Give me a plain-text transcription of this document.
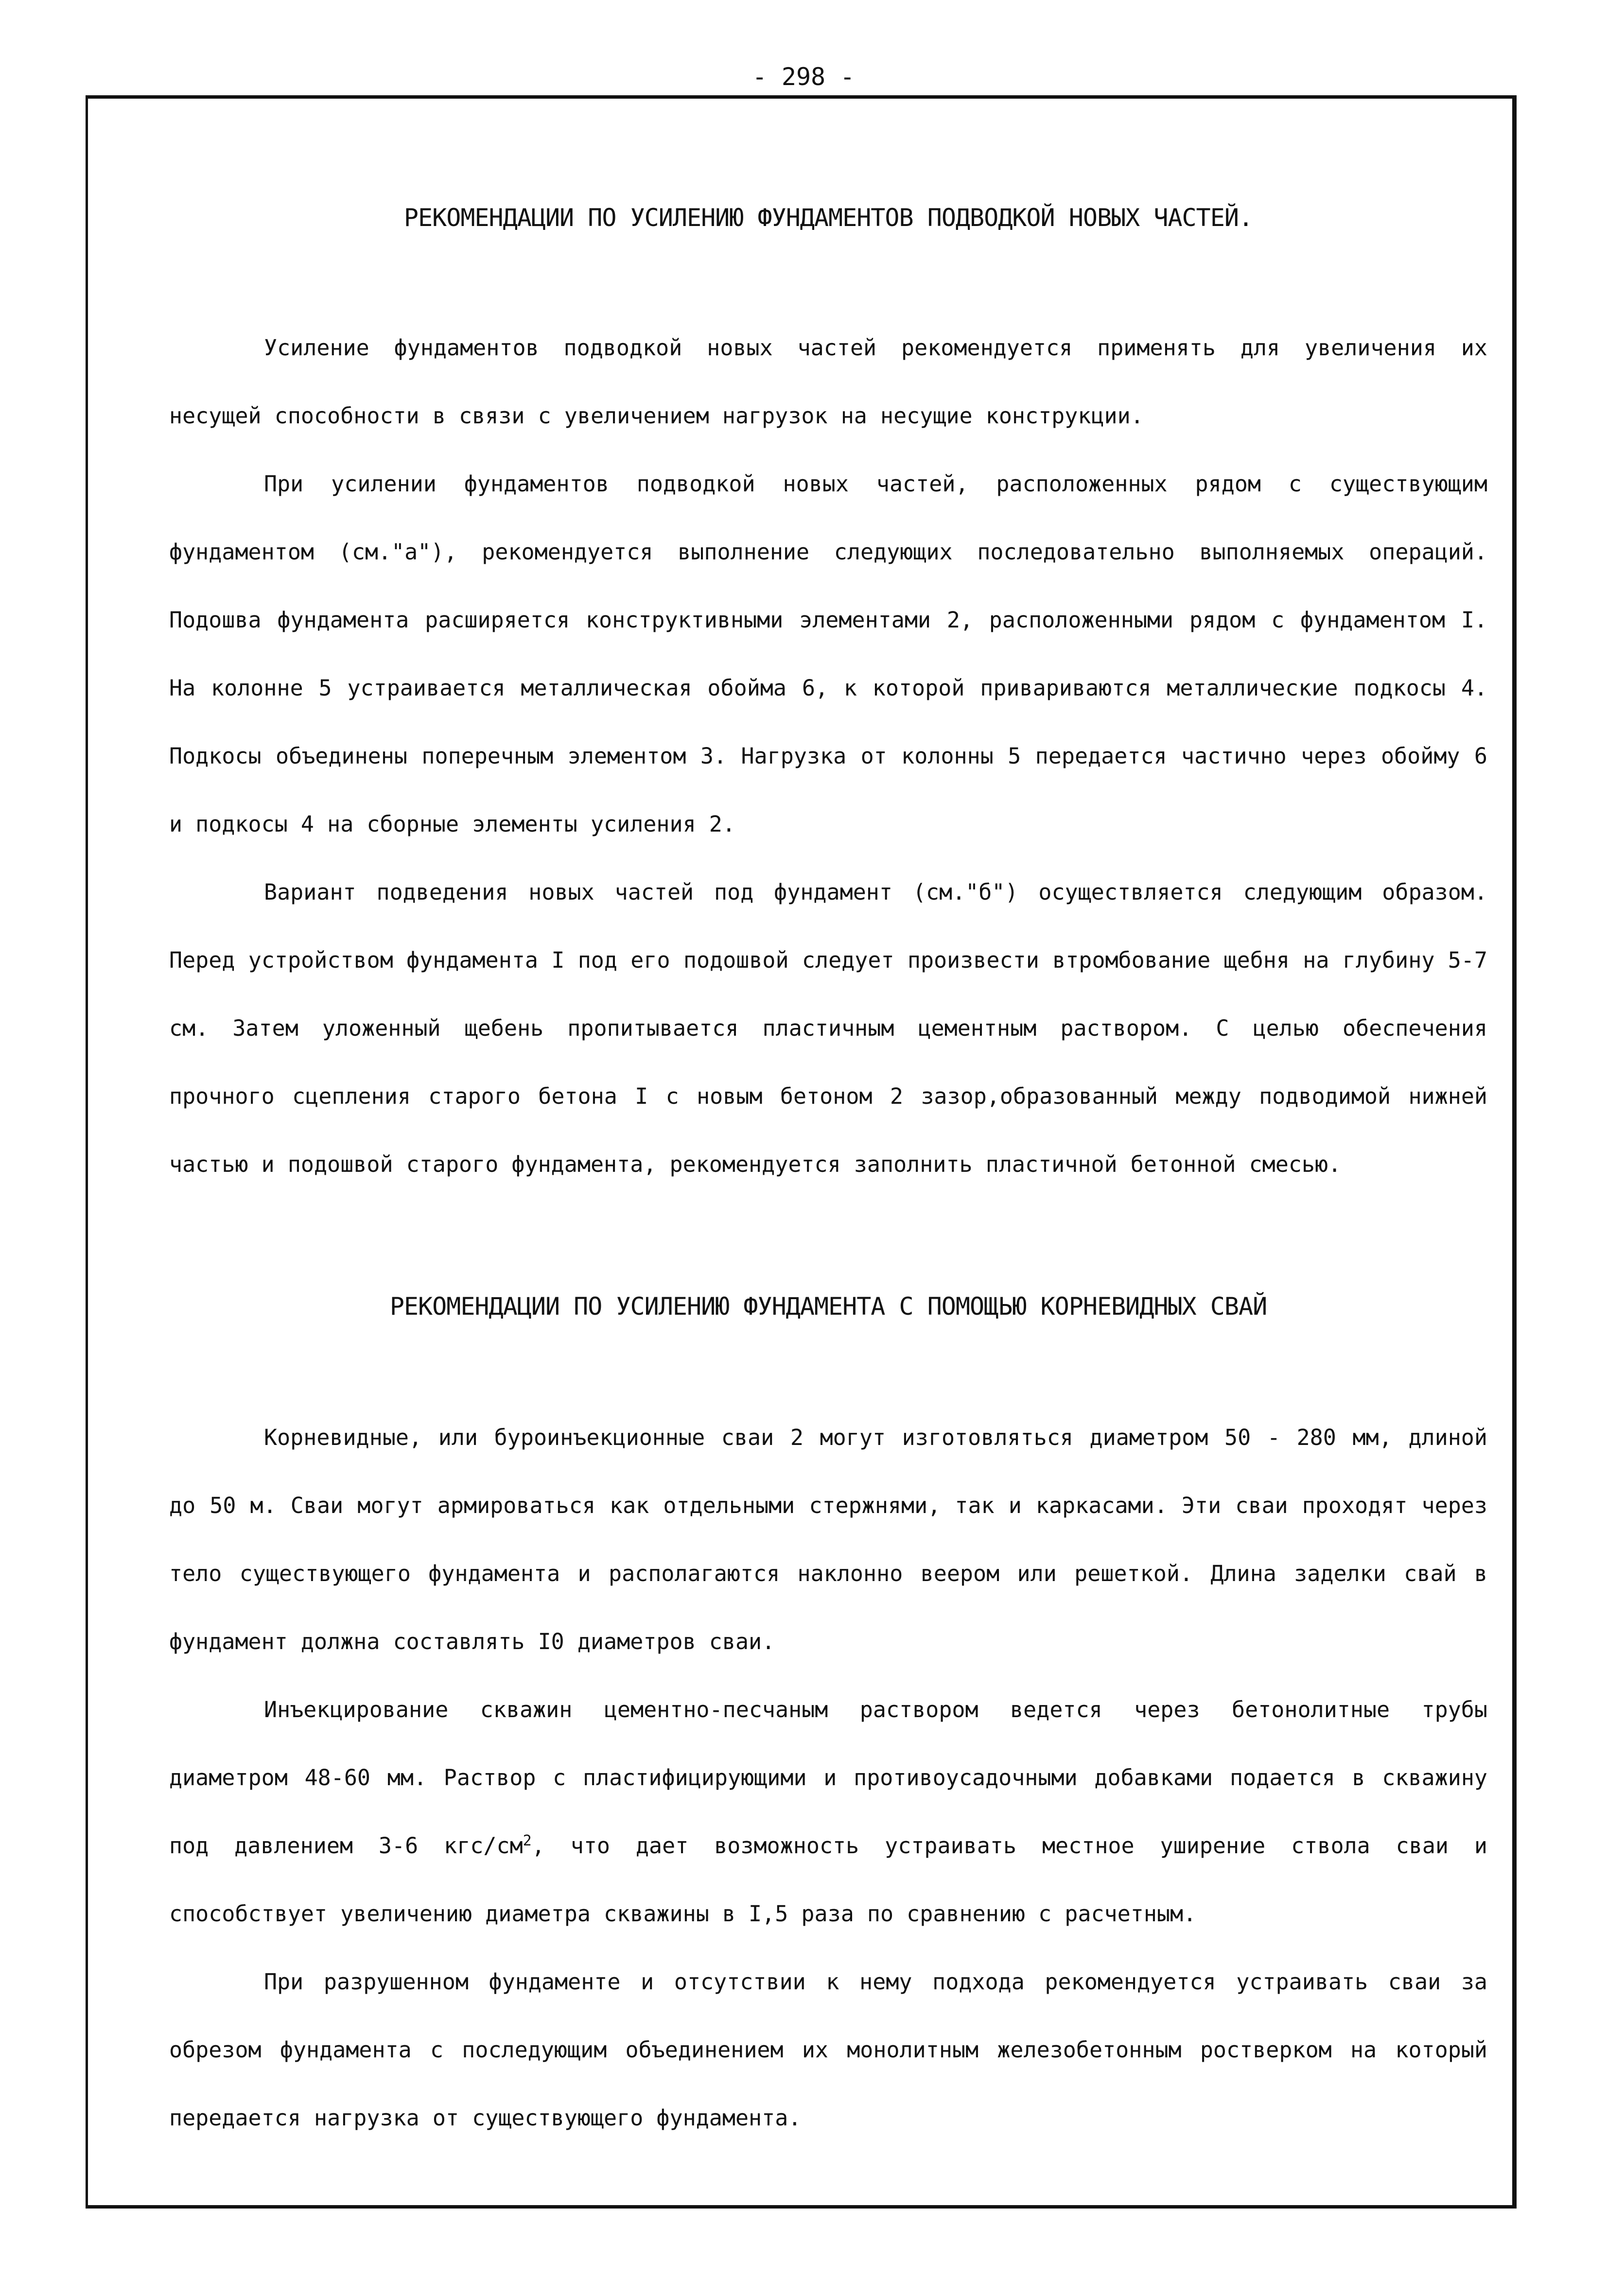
- 298 -
РЕКОМЕНДАЦИИ ПО УСИЛЕНИЮ ФУНДАМЕНТОВ ПОДВОДКОЙ НОВЫХ ЧАСТЕЙ.

Усиление фундаментов подводкой новых частей рекомендуется применять для увеличения их несущей способности в связи с увеличением нагрузок на несущие конструкции.

При усилении фундаментов подводкой новых частей, расположенных рядом с существующим фундаментом (см."а"), рекомендуется выполнение следующих последовательно выполняемых операций. Подошва фундамента расширяется конструктивными элементами 2, расположенными рядом с фундаментом I. На колонне 5 устраивается металлическая обойма 6, к которой привариваются металлические подкосы 4. Подкосы объединены поперечным элементом 3. Нагрузка от колонны 5 передается частично через обойму 6 и подкосы 4 на сборные элементы усиления 2.

Вариант подведения новых частей под фундамент (см."б") осуществляется следующим образом. Перед устройством фундамента I под его подошвой следует произвести втромбование щебня на глубину 5-7 см. Затем уложенный щебень пропитывается пластичным цементным раствором. С целью обеспечения прочного сцепления старого бетона I с новым бетоном 2 зазор,образованный между подводимой нижней частью и подошвой старого фундамента, рекомендуется заполнить пластичной бетонной смесью.

РЕКОМЕНДАЦИИ ПО УСИЛЕНИЮ ФУНДАМЕНТА С ПОМОЩЬЮ КОРНЕВИДНЫХ СВАЙ

Корневидные, или буроинъекционные сваи 2 могут изготовляться диаметром 50 - 280 мм, длиной до 50 м. Сваи могут армироваться как отдельными стержнями, так и каркасами. Эти сваи проходят через тело существующего фундамента и располагаются наклонно веером или решеткой. Длина заделки свай в фундамент должна составлять I0 диаметров сваи.

Инъекцирование скважин цементно-песчаным раствором ведется через бетонолитные трубы диаметром 48-60 мм. Раствор с пластифицирующими и противоусадочными добавками подается в скважину под давлением 3-6 кгс/$см^2$, что дает возможность устраивать местное уширение ствола сваи и способствует увеличению диаметра скважины в I,5 раза по сравнению с расчетным.

При разрушенном фундаменте и отсутствии к нему подхода рекомендуется устраивать сваи за обрезом фундамента с последующим объединением их монолитным железобетонным ростверком на который передается нагрузка от существующего фундамента.
